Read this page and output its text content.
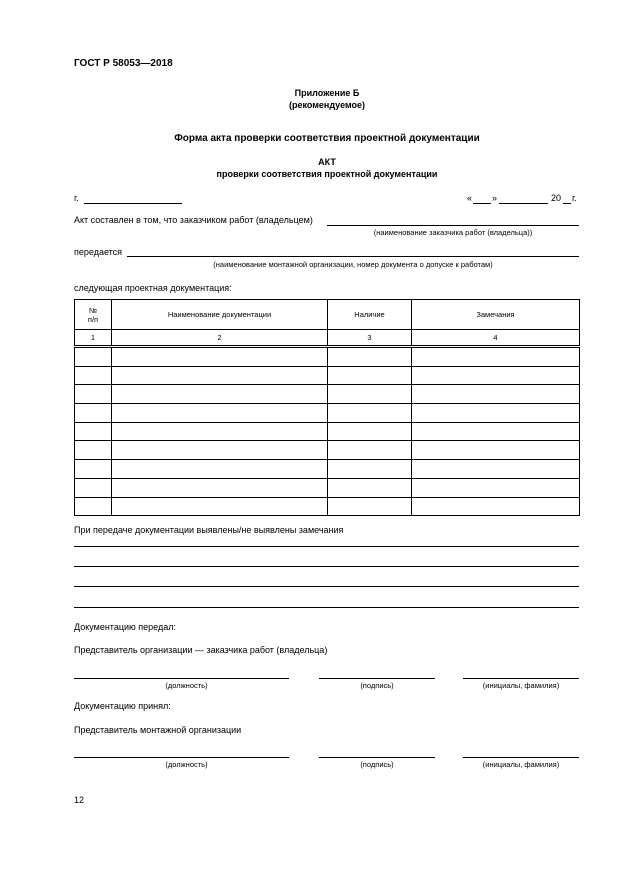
ГОСТ Р 58053—2018
Приложение Б
(рекомендуемое)
Форма акта проверки соответствия проектной документации
АКТ
проверки соответствия проектной документации
г.	« »	20 г.
Акт составлен в том, что заказчиком работ (владельцем)
(наименование заказчика работ (владельца))
передается
(наименование монтажной организации, номер документа о допуске к работам)
следующая проектная документация:
№
п/п	Наименование документации	Наличие	Замечания
1	2	3	4

При передаче документации выявлены/не выявлены замечания
Документацию передал:
Представитель организации — заказчика работ (владельца)
(должность)	(подпись)	(инициалы, фамилия)
Документацию принял:
Представитель монтажной организации
(должность)	(подпись)	(инициалы, фамилия)
12
